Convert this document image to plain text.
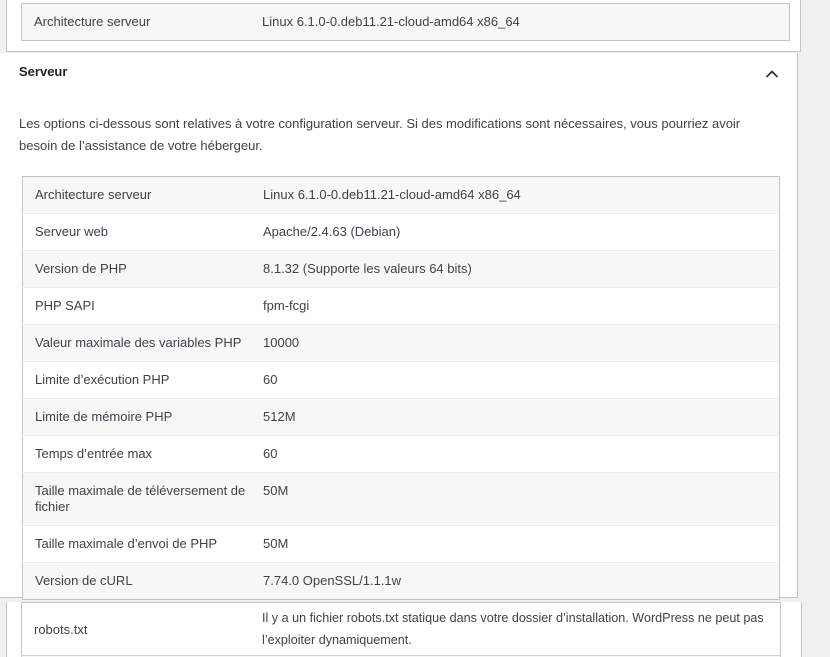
Architecture serveur	Linux 6.1.0-0.deb11.21-cloud-amd64 x86_64
Serveur

Les options ci-dessous sont relatives à votre configuration serveur. Si des modifications sont nécessaires, vous pourriez avoir besoin de l’assistance de votre hébergeur.

Architecture serveur	Linux 6.1.0-0.deb11.21-cloud-amd64 x86_64
Serveur web	Apache/2.4.63 (Debian)
Version de PHP	8.1.32 (Supporte les valeurs 64 bits)
PHP SAPI	fpm-fcgi
Valeur maximale des variables PHP	10000
Limite d’exécution PHP	60
Limite de mémoire PHP	512M
Temps d’entrée max	60
Taille maximale de téléversement de fichier	50M
Taille maximale d’envoi de PHP	50M
Version de cURL	7.74.0 OpenSSL/1.1.1w
robots.txt	Il y a un fichier robots.txt statique dans votre dossier d’installation. WordPress ne peut pas l’exploiter dynamiquement.
